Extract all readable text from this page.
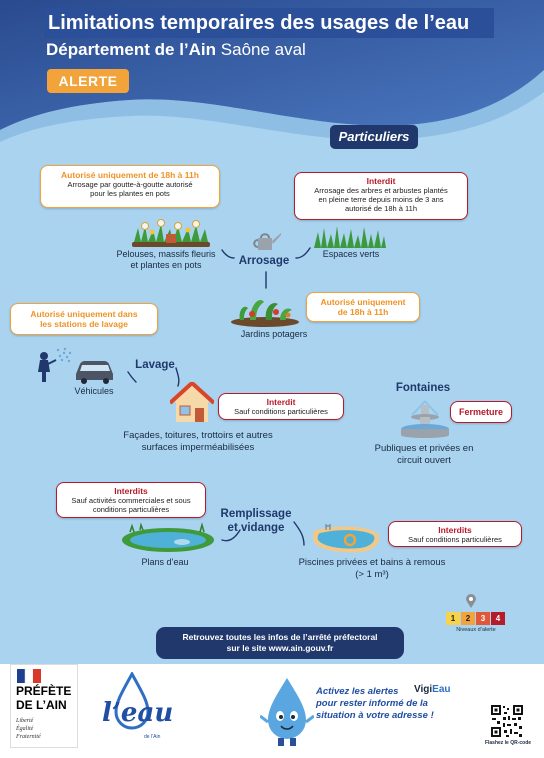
Limitations temporaires des usages de l’eau
Département de l’Ain Saône aval
ALERTE
Particuliers
Autorisé uniquement de 18h à 11h
Arrosage par goutte-à-goutte autorisé
pour les plantes en pots
Pelouses, massifs fleuris
et plantes en pots	Arrosage
Interdit
Arrosage des arbres et arbustes plantés
en pleine terre depuis moins de 3 ans
autorisé de 18h à 11h
Espaces verts
Jardins potagers
Autorisé uniquement
de 18h à 11h
Autorisé uniquement dans
les stations de lavage
Lavage
Véhicules
Interdit
Sauf conditions particulières
Façades, toitures, trottoirs et autres
surfaces imperméabilisées
Fontaines
Fermeture
Publiques et privées en
circuit ouvert
Interdits
Sauf activités commerciales et sous
conditions particulières	Remplissage
et vidange
Plans d’eau
Interdits
Sauf conditions particulières
Piscines privées et bains à remous
(> 1 m³)
1	2	3	4
Niveaux d’alerte
Retrouvez toutes les infos de l’arrêté préfectoral
sur le site www.ain.gouv.fr
PRÉFÈTE
DE L’AIN
Liberté
Égalité
Fraternité
l’eau
de l’Ain
Activez les alertes
pour rester informé de la
situation à votre adresse !
VigiEau
Flashez le QR-code
